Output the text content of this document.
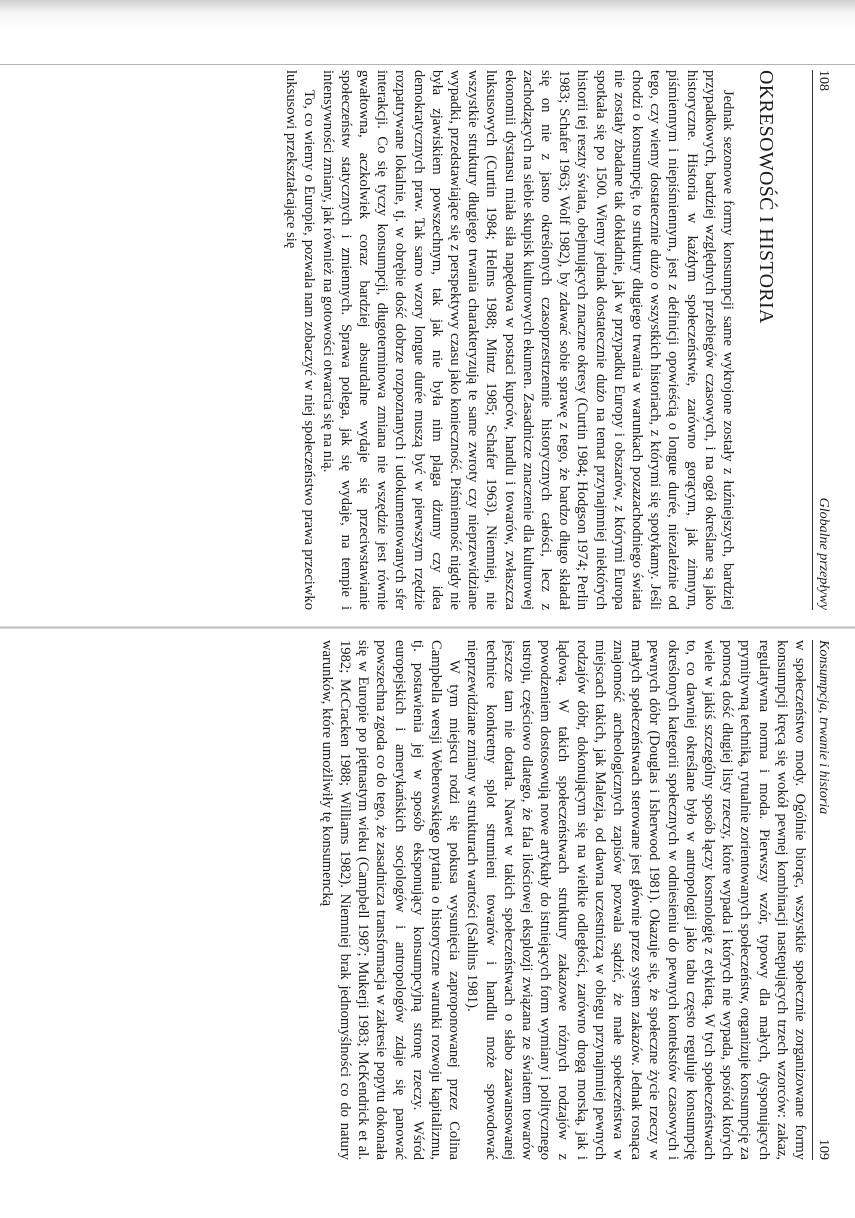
108
Globalne przepływy
OKRESOWOŚĆ I HISTORIA

Jednak sezonowe formy konsumpcji same wykrojone zostały z łuźniejszych, bardziej przypadkowych, bardziej względnych przebiegów czasowych, i na ogół określane są jako historyczne. Historia w każdym społeczeństwie, zarówno gorącym, jak zimnym, piśmiennym i niepiśmiennym, jest z definicji opowieścią o longue durée, niezależnie od tego, czy wiemy dostatecznie dużo o wszystkich historiach, z którymi się spotykamy. Jeśli chodzi o konsumpcję, to struktury długiego trwania w warunkach pozazachodniego świata nie zostały zbadane tak dokładnie, jak w przypadku Europy i obszarów, z którymi Europa spotkała się po 1500. Wiemy jednak dostatecznie dużo na temat przynajmniej niektórych historii tej reszty świata, obejmujących znaczne okresy (Curtin 1984; Hodgson 1974; Perlin 1983; Schafer 1963; Wolf 1982), by zdawać sobie sprawę z tego, że bardzo długo składał się on nie z jasno określonych czasoprzestrzennie historycznych całości, lecz z zachodzących na siebie skupisk kulturowych ekumen. Zasadnicze znaczenie dla kulturowej ekonomii dystansu miała siła napędowa w postaci kupców, handlu i towarów, zwłaszcza luksusowych (Curtin 1984; Helms 1988; Mintz 1985; Schafer 1963). Niemniej, nie wszystkie struktury długiego trwania charakteryzują te same zwroty czy nieprzewidziane wypadki, przedstawiające się z perspektywy czasu jako konieczność. Piśmienność nigdy nie była zjawiskiem powszechnym, tak jak nie była nim plaga dżumy czy idea demokratycznych praw. Tak samo wzory longue durée muszą być w pierwszym rzędzie rozpatrywane lokalnie, tj. w obrębie dość dobrze rozpoznanych i udokumentowanych sfer interakcji. Co się tyczy konsumpcji, długoterminowa zmiana nie wszędzie jest równie gwałtowna, aczkolwiek coraz bardziej absurdalne wydaje się przeciwstawianie społeczeństw statycznych i zmiennych. Sprawa polega, jak się wydaje, na tempie i intensywności zmiany, jak również na gotowości otwarcia się na nią.

To, co wiemy o Europie, pozwala nam zobaczyć w niej społeczeństwo prawa przeciwko luksusowi przekształcające się

Konsumpcja, trwanie i historia
109

w społeczeństwo mody. Ogólnie biorąc, wszystkie społecznie zorganizowane formy konsumpcji kręcą się wokół pewnej kombinacji następujących trzech wzorców: zakaz, regulatywna norma i moda. Pierwszy wzór, typowy dla małych, dysponujących prymitywną techniką, rytualnie zorientowanych społeczeństw, organizuje konsumpcję za pomocą dość długiej listy rzeczy, które wypada i których nie wypada, spośród których wiele w jakiś szczególny sposób łączy kosmologię z etykietą. W tych społeczeństwach to, co dawniej określane było w antropologii jako tabu często reguluje konsumpcję określonych kategorii społecznych w odniesieniu do pewnych kontekstów czasowych i pewnych dóbr (Douglas i Isherwood 1981). Okazuje się, że społeczne życie rzeczy w małych społeczeństwach sterowane jest głównie przez system zakazów. Jednak rosnąca znajomość archeologicznych zapisów pozwala sądzić, że małe społeczeństwa w miejscach takich, jak Malezja, od dawna uczestniczą w obiegu przynajmniej pewnych rodzajów dóbr, dokonującym się na wielkie odległości, zarówno drogą morską, jak i lądową. W takich społeczeństwach struktury zakazowe różnych rodzajów z powodzeniem dostosowują nowe artykuły do istniejących form wymiany i politycznego ustroju, częściowo dlatego, że fala ilościowej eksplozji związana ze światem towarów jeszcze tam nie dotarła. Nawet w takich społeczeństwach o słabo zaawansowanej technice konkretny splot strumieni towarów i handlu może spowodować nieprzewidziane zmiany w strukturach wartości (Sahlins 1981).

W tym miejscu rodzi się pokusa wysunięcia zaproponowanej przez Colina Campbella wersji Weberowskiego pytania o historyczne warunki rozwoju kapitalizmu, tj. postawienia jej w sposób eksponujący konsumpcyjną stronę rzeczy. Wśród europejskich i amerykańskich socjologów i antropologów zdaje się panować powszechna zgoda co do tego, że zasadnicza transformacja w zakresie popytu dokonała się w Europie po piętnastym wieku (Campbell 1987; Mukerji 1983; McKendrick et al. 1982; McCracken 1988; Williams 1982). Niemniej brak jednomyślności co do natury warunków, które umożliwiły tę konsumencką
